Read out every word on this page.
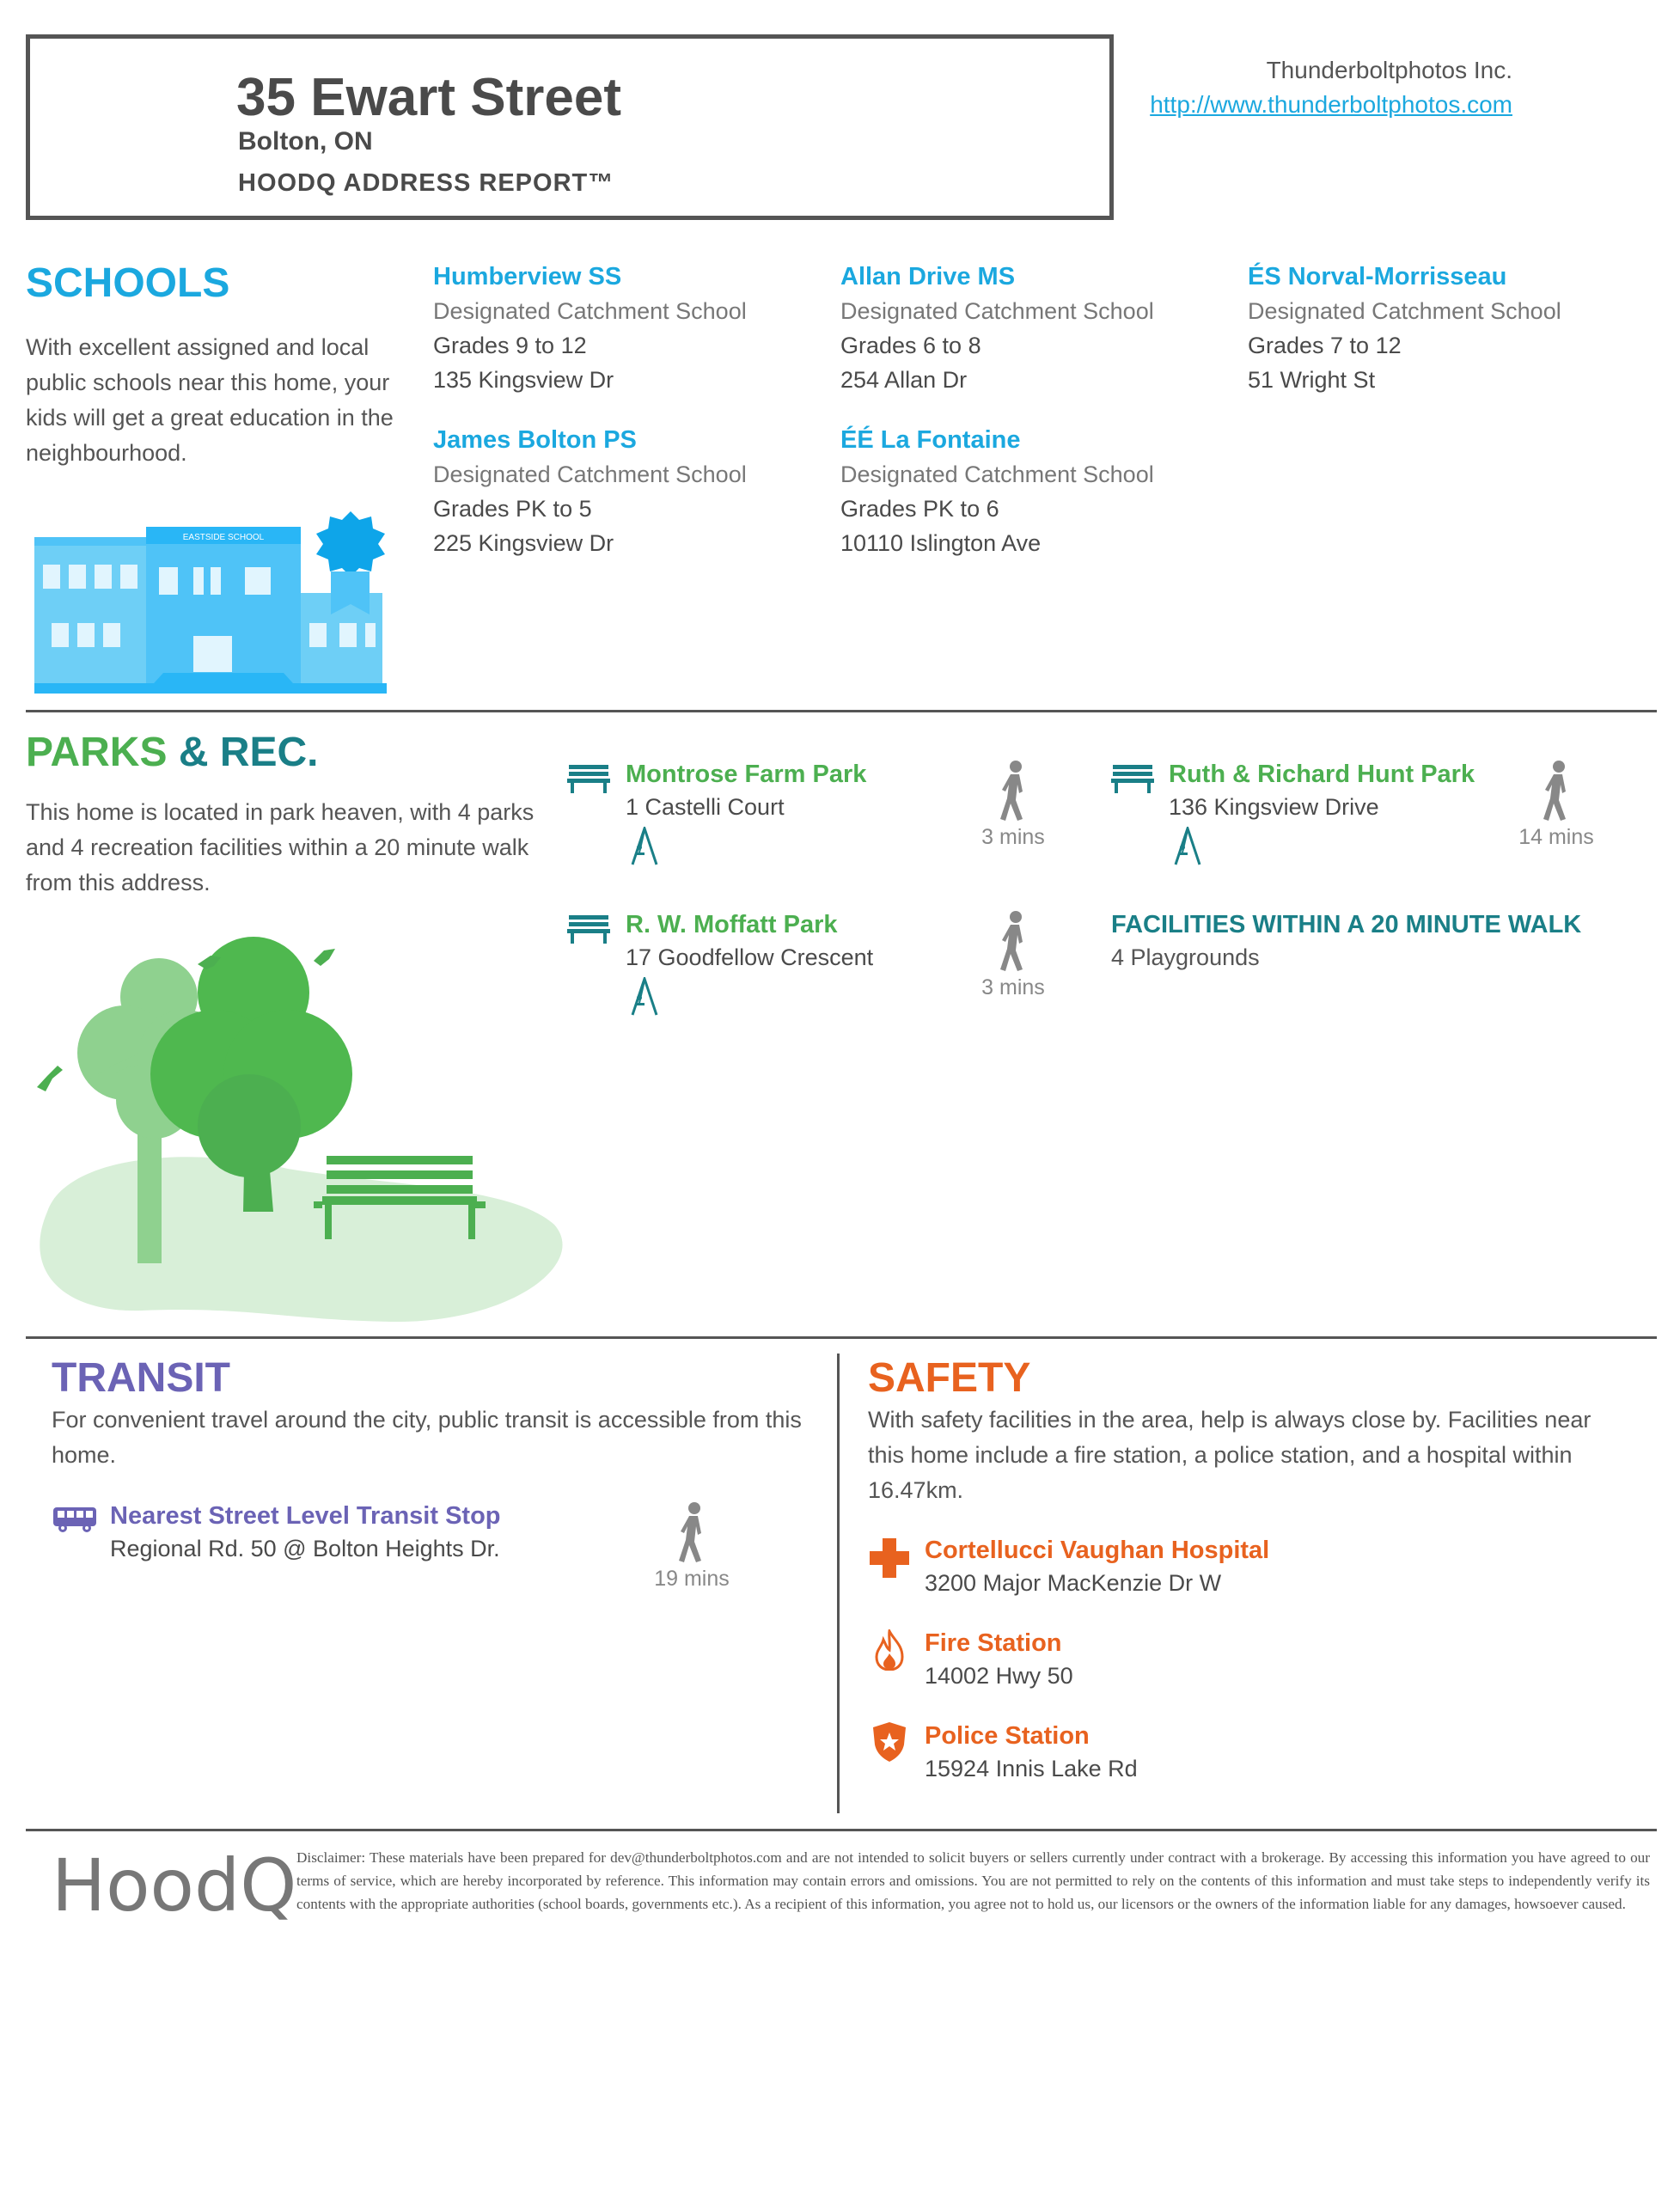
35 Ewart Street
Bolton, ON
HOODQ ADDRESS REPORT™
Thunderboltphotos Inc.
http://www.thunderboltphotos.com
SCHOOLS
With excellent assigned and local public schools near this home, your kids will get a great education in the neighbourhood.
EASTSIDE SCHOOL
Humberview SS
Designated Catchment School
Grades 9 to 12
135 Kingsview Dr
Allan Drive MS
Designated Catchment School
Grades 6 to 8
254 Allan Dr
ÉS Norval-Morrisseau
Designated Catchment School
Grades 7 to 12
51 Wright St
James Bolton PS
Designated Catchment School
Grades PK to 5
225 Kingsview Dr
ÉÉ La Fontaine
Designated Catchment School
Grades PK to 6
10110 Islington Ave
PARKS & REC.
This home is located in park heaven, with 4 parks and 4 recreation facilities within a 20 minute walk from this address.
Montrose Farm Park
1 Castelli Court
3 mins
Ruth & Richard Hunt Park
136 Kingsview Drive
14 mins
R. W. Moffatt Park
17 Goodfellow Crescent
3 mins
FACILITIES WITHIN A 20 MINUTE WALK
4 Playgrounds
TRANSIT
For convenient travel around the city, public transit is accessible from this home.
Nearest Street Level Transit Stop
Regional Rd. 50 @ Bolton Heights Dr.
19 mins
SAFETY
With safety facilities in the area, help is always close by. Facilities near this home include a fire station, a police station, and a hospital within 16.47km.
Cortellucci Vaughan Hospital
3200 Major MacKenzie Dr W
Fire Station
14002 Hwy 50
Police Station
15924 Innis Lake Rd
HoodQ Disclaimer: These materials have been prepared for dev@thunderboltphotos.com and are not intended to solicit buyers or sellers currently under contract with a brokerage. By accessing this information you have agreed to our terms of service, which are hereby incorporated by reference. This information may contain errors and omissions. You are not permitted to rely on the contents of this information and must take steps to independently verify its contents with the appropriate authorities (school boards, governments etc.). As a recipient of this information, you agree not to hold us, our licensors or the owners of the information liable for any damages, howsoever caused.
